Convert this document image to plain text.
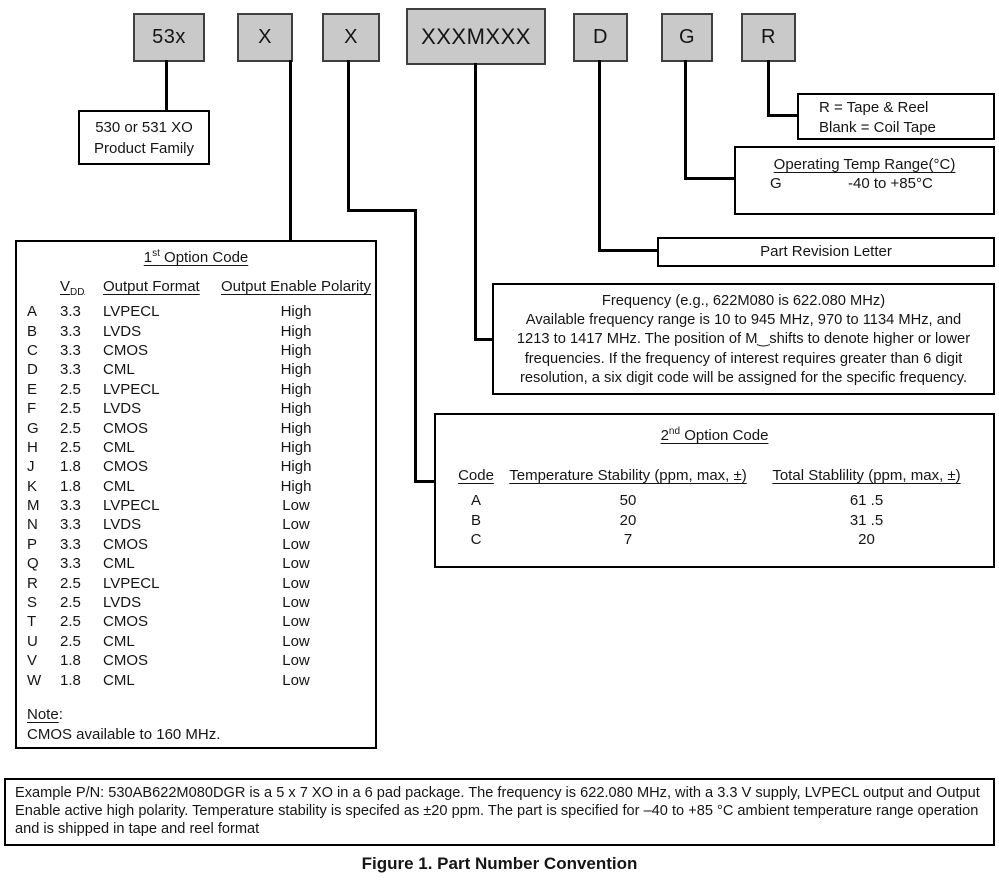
53x	X	X	XXXMXXX	D	G	R
530 or 531 XO
Product Family
R = Tape & Reel
Blank = Coil Tape
Operating Temp Range(°C)
G	-40 to +85°C
Part Revision Letter
Frequency (e.g., 622M080 is 622.080 MHz)
Available frequency range is 10 to 945 MHz, 970 to 1134 MHz, and
1213 to 1417 MHz. The position of M‿shifts to denote higher or lower
frequencies. If the frequency of interest requires greater than 6 digit
resolution, a six digit code will be assigned for the specific frequency.
2nd Option Code
Code	Temperature Stability (ppm, max, ±)	Total Stablility (ppm, max, ±)
A	50	61 .5
B	20	31 .5
C	7	20
1st Option Code
	$V_{DD}$	Output Format	Output Enable Polarity
A	3.3	LVPECL	High
B	3.3	LVDS	High
C	3.3	CMOS	High
D	3.3	CML	High
E	2.5	LVPECL	High
F	2.5	LVDS	High
G	2.5	CMOS	High
H	2.5	CML	High
J	1.8	CMOS	High
K	1.8	CML	High
M	3.3	LVPECL	Low
N	3.3	LVDS	Low
P	3.3	CMOS	Low
Q	3.3	CML	Low
R	2.5	LVPECL	Low
S	2.5	LVDS	Low
T	2.5	CMOS	Low
U	2.5	CML	Low
V	1.8	CMOS	Low
W	1.8	CML	Low
Note:
CMOS available to 160 MHz.
Example P/N: 530AB622M080DGR is a 5 x 7 XO in a 6 pad package. The frequency is 622.080 MHz, with a 3.3 V supply, LVPECL output and Output Enable active high polarity. Temperature stability is specifed as ±20 ppm. The part is specified for –40 to +85 °C ambient temperature range operation and is shipped in tape and reel format
Figure 1. Part Number Convention
